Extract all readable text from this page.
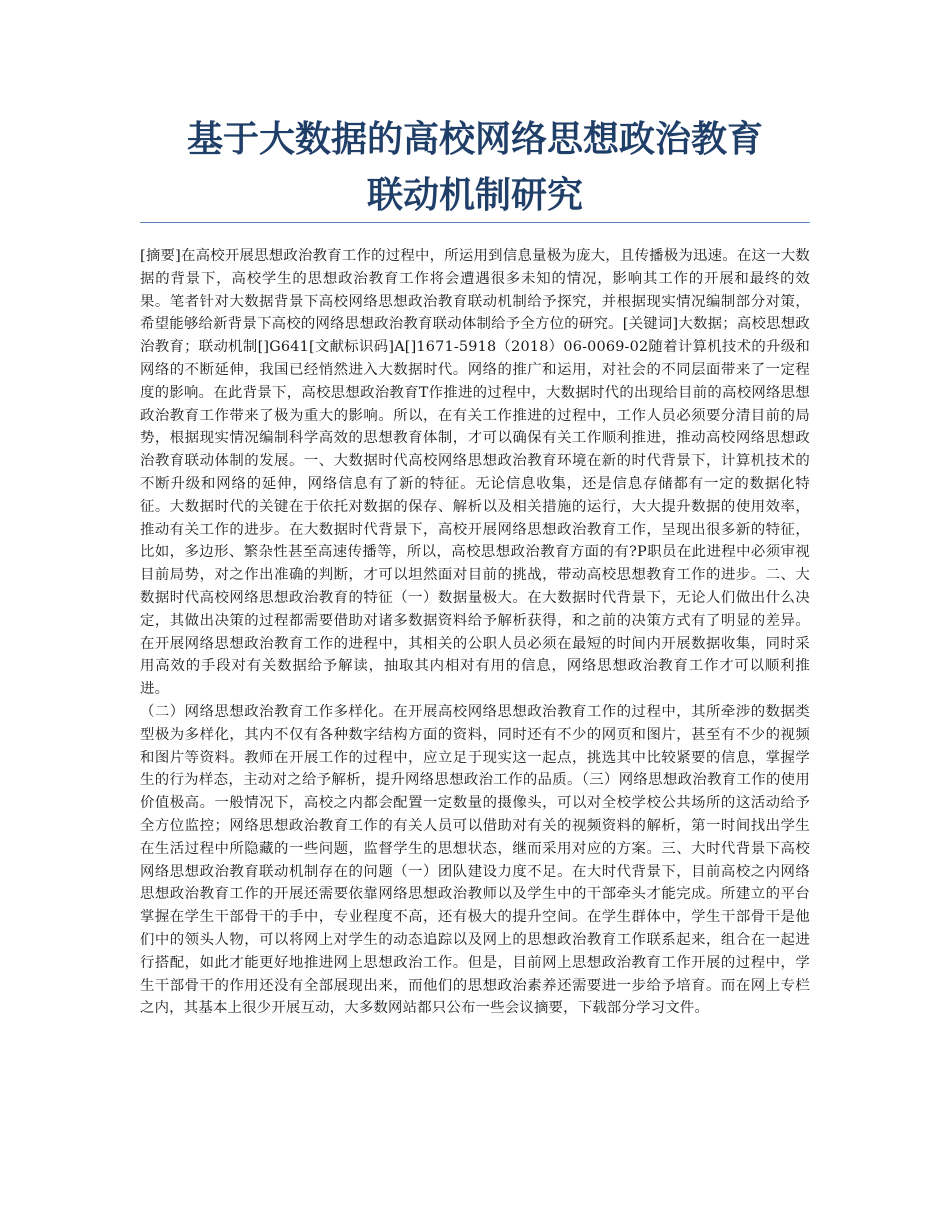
基于大数据的高校网络思想政治教育
联动机制研究

[摘要]在高校开展思想政治教育工作的过程中，所运用到信息量极为庞大，且传播极为迅速。在这一大数据的背景下，高校学生的思想政治教育工作将会遭遇很多未知的情况，影响其工作的开展和最终的效果。笔者针对大数据背景下高校网络思想政治教育联动机制给予探究，并根据现实情况编制部分对策，希望能够给新背景下高校的网络思想政治教育联动体制给予全方位的研究。[关键词]大数据；高校思想政治教育；联动机制[]G641[文献标识码]A[]1671-5918（2018）06-0069-02随着计算机技术的升级和网络的不断延伸，我国已经悄然进入大数据时代。网络的推广和运用，对社会的不同层面带来了一定程度的影响。在此背景下，高校思想政治教育T作推进的过程中，大数据时代的出现给目前的高校网络思想政治教育工作带来了极为重大的影响。所以，在有关工作推进的过程中，工作人员必须要分清目前的局势，根据现实情况编制科学高效的思想教育体制，才可以确保有关工作顺利推进，推动高校网络思想政治教育联动体制的发展。一、大数据时代高校网络思想政治教育环境在新的时代背景下，计算机技术的不断升级和网络的延伸，网络信息有了新的特征。无论信息收集，还是信息存储都有一定的数据化特征。大数据时代的关键在于依托对数据的保存、解析以及相关措施的运行，大大提升数据的使用效率，推动有关工作的进步。在大数据时代背景下，高校开展网络思想政治教育工作，呈现出很多新的特征，比如，多边形、繁杂性甚至高速传播等，所以，高校思想政治教育方面的有?P职员在此进程中必须审视目前局势，对之作出准确的判断，才可以坦然面对目前的挑战，带动高校思想教育工作的进步。二、大数据时代高校网络思想政治教育的特征（一）数据量极大。在大数据时代背景下，无论人们做出什么决定，其做出决策的过程都需要借助对诸多数据资料给予解析获得，和之前的决策方式有了明显的差异。在开展网络思想政治教育工作的进程中，其相关的公职人员必须在最短的时间内开展数据收集，同时采用高效的手段对有关数据给予解读，抽取其内相对有用的信息，网络思想政治教育工作才可以顺利推进。

（二）网络思想政治教育工作多样化。在开展高校网络思想政治教育工作的过程中，其所牵涉的数据类型极为多样化，其内不仅有各种数字结构方面的资料，同时还有不少的网页和图片，甚至有不少的视频和图片等资料。教师在开展工作的过程中，应立足于现实这一起点，挑选其中比较紧要的信息，掌握学生的行为样态，主动对之给予解析，提升网络思想政治工作的品质。（三）网络思想政治教育工作的使用价值极高。一般情况下，高校之内都会配置一定数量的摄像头，可以对全校学校公共场所的这活动给予全方位监控；网络思想政治教育工作的有关人员可以借助对有关的视频资料的解析，第一时间找出学生在生活过程中所隐藏的一些问题，监督学生的思想状态，继而采用对应的方案。三、大时代背景下高校网络思想政治教育联动机制存在的问题（一）团队建设力度不足。在大时代背景下，目前高校之内网络思想政治教育工作的开展还需要依靠网络思想政治教师以及学生中的干部牵头才能完成。所建立的平台掌握在学生干部骨干的手中，专业程度不高，还有极大的提升空间。在学生群体中，学生干部骨干是他们中的领头人物，可以将网上对学生的动态追踪以及网上的思想政治教育工作联系起来，组合在一起进行搭配，如此才能更好地推进网上思想政治工作。但是，目前网上思想政治教育工作开展的过程中，学生干部骨干的作用还没有全部展现出来，而他们的思想政治素养还需要进一步给予培育。而在网上专栏之内，其基本上很少开展互动，大多数网站都只公布一些会议摘要，下载部分学习文件。
